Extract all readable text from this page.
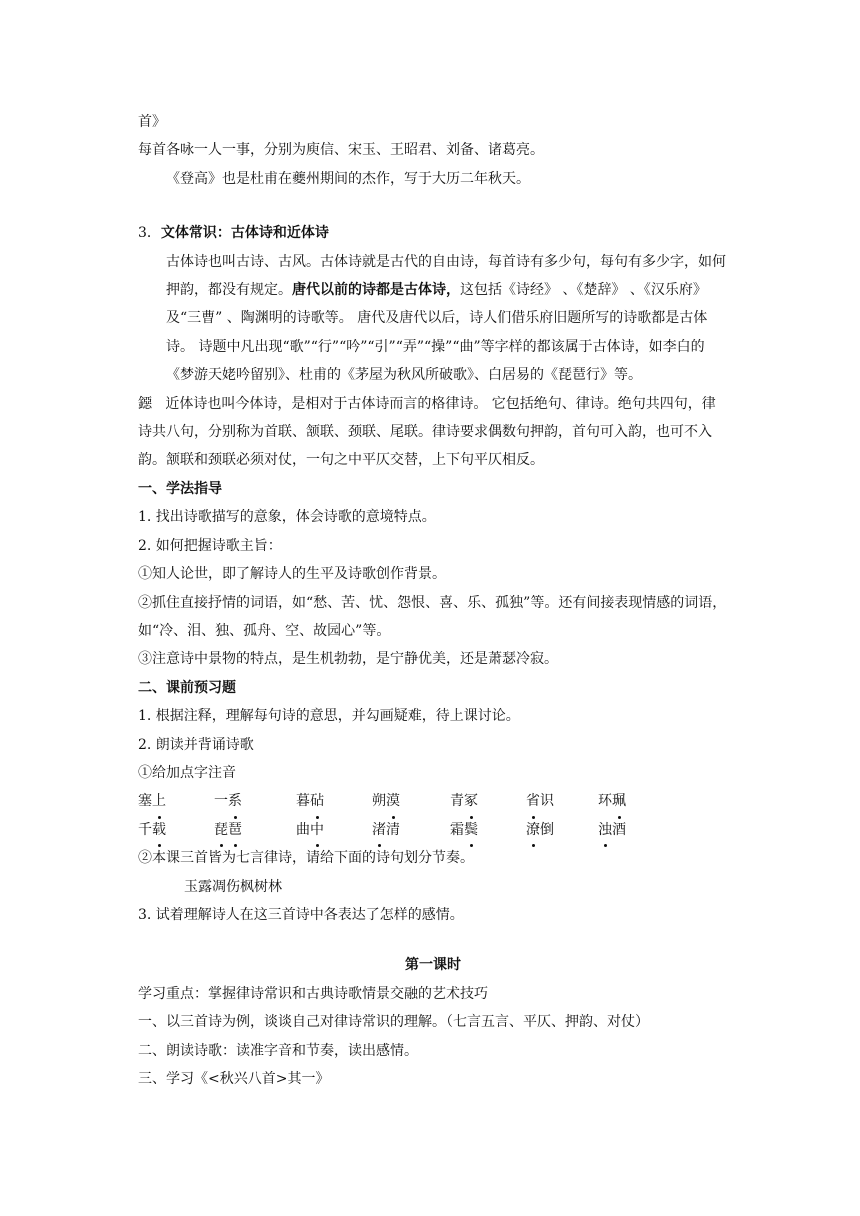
首》

每首各咏一人一事，分别为庾信、宋玉、王昭君、刘备、诸葛亮。

《登高》也是杜甫在夔州期间的杰作，写于大历二年秋天。

3．文体常识：古体诗和近体诗

古体诗也叫古诗、古风。古体诗就是古代的自由诗，每首诗有多少句，每句有多少字，如何押韵，都没有规定。唐代以前的诗都是古体诗，这包括《诗经》 、《楚辞》 、《汉乐府》 及“三曹” 、陶渊明的诗歌等。 唐代及唐代以后，诗人们借乐府旧题所写的诗歌都是古体诗。 诗题中凡出现“歌”“行”“吟”“引”“弄”“操”“曲”等字样的都该属于古体诗，如李白的《梦游天姥吟留别》、杜甫的《茅屋为秋风所破歌》、白居易的《琵琶行》等。

鐚 近体诗也叫今体诗，是相对于古体诗而言的格律诗。 它包括绝句、律诗。绝句共四句，律诗共八句，分别称为首联、颔联、颈联、尾联。律诗要求偶数句押韵，首句可入韵，也可不入韵。颔联和颈联必须对仗，一句之中平仄交替，上下句平仄相反。

一、学法指导

1. 找出诗歌描写的意象，体会诗歌的意境特点。

2. 如何把握诗歌主旨：

①知人论世，即了解诗人的生平及诗歌创作背景。

②抓住直接抒情的词语，如“愁、苦、忧、怨恨、喜、乐、孤独”等。还有间接表现情感的词语，如“冷、泪、独、孤舟、空、故园心”等。

③注意诗中景物的特点，是生机勃勃，是宁静优美，还是萧瑟冷寂。

二、课前预习题

1. 根据注释，理解每句诗的意思，并勾画疑难，待上课讨论。

2. 朗读并背诵诗歌

①给加点字注音

塞上	一系	暮砧	朔漠	青冢	省识	环珮
千载	琵琶	曲中	渚清	霜鬓	潦倒	浊酒

②本课三首皆为七言律诗，请给下面的诗句划分节奏。

玉露凋伤枫树林

3. 试着理解诗人在这三首诗中各表达了怎样的感情。

第一课时

学习重点：掌握律诗常识和古典诗歌情景交融的艺术技巧

一、以三首诗为例，谈谈自己对律诗常识的理解。（七言五言、平仄、押韵、对仗）

二、朗读诗歌：读准字音和节奏，读出感情。

三、学习《<秋兴八首>其一》
